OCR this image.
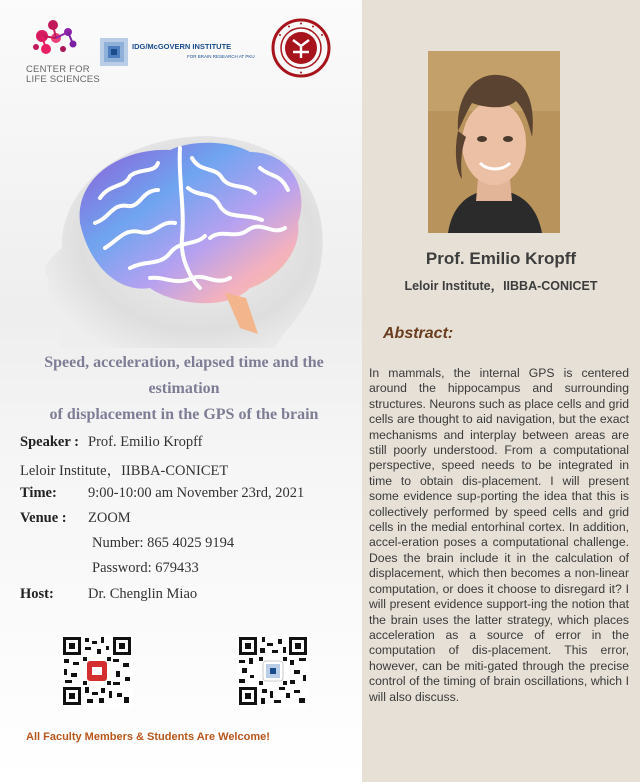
CENTER FOR
LIFE SCIENCES
IDG/McGOVERN INSTITUTE
FOR BRAIN RESEARCH AT PKU
Speed, acceleration, elapsed time and the estimation
of displacement in the GPS of the brain
Speaker : Prof. Emilio Kropff
Leloir Institute，IIBBA-CONICET
Time: 9:00-10:00 am November 23rd, 2021
Venue : ZOOM
Number: 865 4025 9194
Password: 679433
Host: Dr. Chenglin Miao
All Faculty Members & Students Are Welcome!
Prof. Emilio Kropff
Leloir Institute，IIBBA-CONICET
Abstract:
In mammals, the internal GPS is centered around the hippocampus and surrounding structures. Neurons such as place cells and grid cells are thought to aid navigation, but the exact mechanisms and interplay between areas are still poorly understood. From a computational perspective, speed needs to be integrated in time to obtain dis-placement. I will present some evidence sup-porting the idea that this is collectively performed by speed cells and grid cells in the medial entorhinal cortex. In addition, accel-eration poses a computational challenge. Does the brain include it in the calculation of displacement, which then becomes a non-linear computation, or does it choose to disregard it? I will present evidence support-ing the notion that the brain uses the latter strategy, which places acceleration as a source of error in the computation of dis-placement. This error, however, can be miti-gated through the precise control of the timing of brain oscillations, which I will also discuss.
